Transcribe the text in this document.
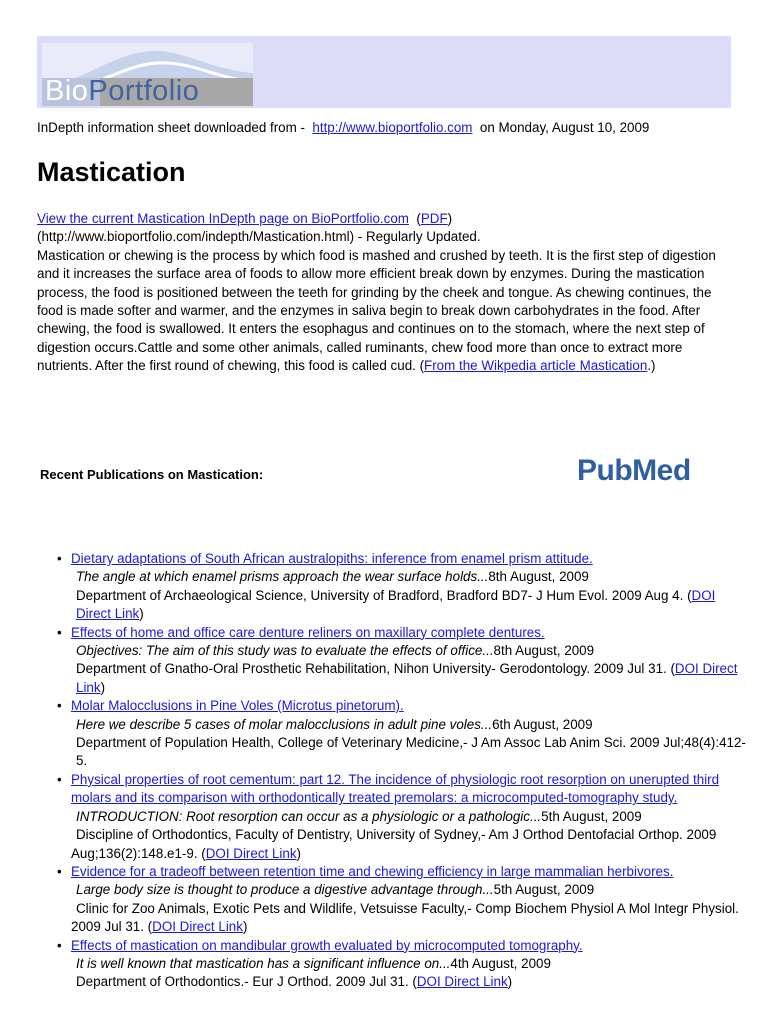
BioPortfolio
InDepth information sheet downloaded from - http://www.bioportfolio.com on Monday, August 10, 2009
Mastication
View the current Mastication InDepth page on BioPortfolio.com (PDF)
(http://www.bioportfolio.com/indepth/Mastication.html) - Regularly Updated.
Mastication or chewing is the process by which food is mashed and crushed by teeth. It is the first step of digestion and it increases the surface area of foods to allow more efficient break down by enzymes. During the mastication process, the food is positioned between the teeth for grinding by the cheek and tongue. As chewing continues, the food is made softer and warmer, and the enzymes in saliva begin to break down carbohydrates in the food. After chewing, the food is swallowed. It enters the esophagus and continues on to the stomach, where the next step of digestion occurs.Cattle and some other animals, called ruminants, chew food more than once to extract more nutrients. After the first round of chewing, this food is called cud. (From the Wikpedia article Mastication.)
Recent Publications on Mastication:	PubMed
• Dietary adaptations of South African australopiths: inference from enamel prism attitude.
The angle at which enamel prisms approach the wear surface holds...8th August, 2009
Department of Archaeological Science, University of Bradford, Bradford BD7- J Hum Evol. 2009 Aug 4. (DOI Direct Link)
• Effects of home and office care denture reliners on maxillary complete dentures.
Objectives: The aim of this study was to evaluate the effects of office...8th August, 2009
Department of Gnatho-Oral Prosthetic Rehabilitation, Nihon University- Gerodontology. 2009 Jul 31. (DOI Direct Link)
• Molar Malocclusions in Pine Voles (Microtus pinetorum).
Here we describe 5 cases of molar malocclusions in adult pine voles...6th August, 2009
Department of Population Health, College of Veterinary Medicine,- J Am Assoc Lab Anim Sci. 2009 Jul;48(4):412-5.
• Physical properties of root cementum: part 12. The incidence of physiologic root resorption on unerupted third molars and its comparison with orthodontically treated premolars: a microcomputed-tomography study.
INTRODUCTION: Root resorption can occur as a physiologic or a pathologic...5th August, 2009
Discipline of Orthodontics, Faculty of Dentistry, University of Sydney,- Am J Orthod Dentofacial Orthop. 2009 Aug;136(2):148.e1-9. (DOI Direct Link)
• Evidence for a tradeoff between retention time and chewing efficiency in large mammalian herbivores.
Large body size is thought to produce a digestive advantage through...5th August, 2009
Clinic for Zoo Animals, Exotic Pets and Wildlife, Vetsuisse Faculty,- Comp Biochem Physiol A Mol Integr Physiol. 2009 Jul 31. (DOI Direct Link)
• Effects of mastication on mandibular growth evaluated by microcomputed tomography.
It is well known that mastication has a significant influence on...4th August, 2009
Department of Orthodontics.- Eur J Orthod. 2009 Jul 31. (DOI Direct Link)
